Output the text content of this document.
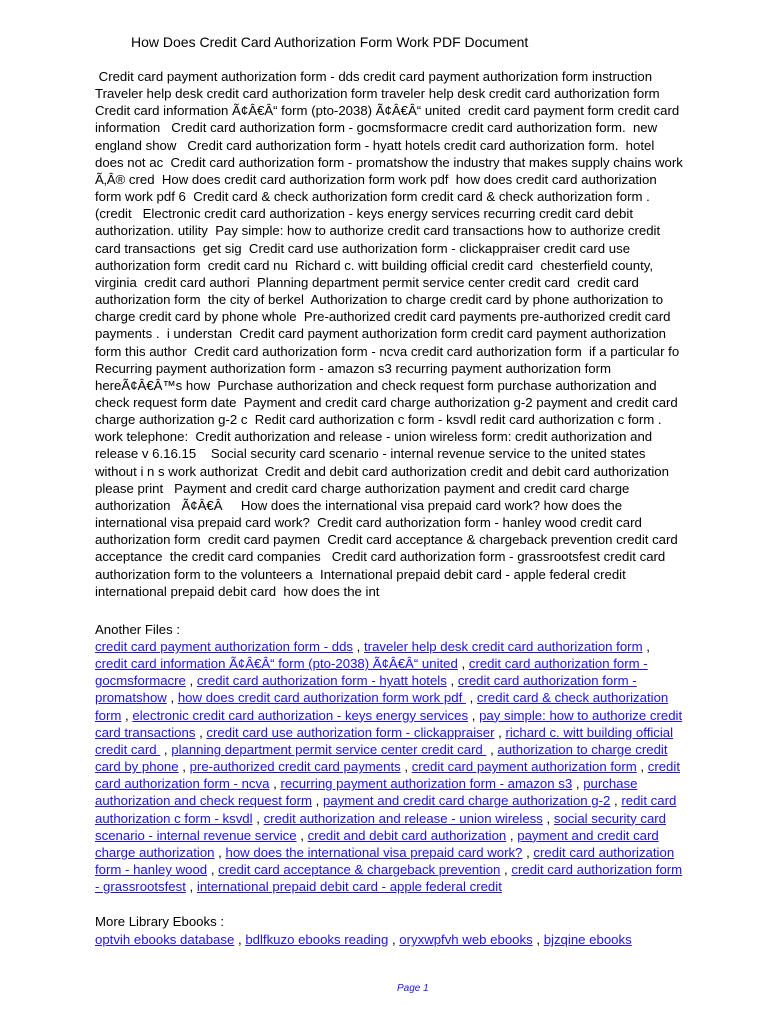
How Does Credit Card Authorization Form Work PDF Document
Credit card payment authorization form - dds credit card payment authorization form instruction
Traveler help desk credit card authorization form traveler help desk credit card authorization form
Credit card information Ã¢Â€Â“ form (pto-2038) Ã¢Â€Â“ united  credit card payment form credit card
information   Credit card authorization form - gocmsformacre credit card authorization form.  new
england show   Credit card authorization form - hyatt hotels credit card authorization form.  hotel
does not ac  Credit card authorization form - promatshow the industry that makes supply chains work
Ã‚Â® cred  How does credit card authorization form work pdf  how does credit card authorization
form work pdf 6  Credit card & check authorization form credit card & check authorization form .
(credit   Electronic credit card authorization - keys energy services recurring credit card debit
authorization. utility  Pay simple: how to authorize credit card transactions how to authorize credit
card transactions  get sig  Credit card use authorization form - clickappraiser credit card use
authorization form  credit card nu  Richard c. witt building official credit card  chesterfield county,
virginia  credit card authori  Planning department permit service center credit card  credit card
authorization form  the city of berkel  Authorization to charge credit card by phone authorization to
charge credit card by phone whole  Pre-authorized credit card payments pre-authorized credit card
payments .  i understan  Credit card payment authorization form credit card payment authorization
form this author  Credit card authorization form - ncva credit card authorization form  if a particular fo
Recurring payment authorization form - amazon s3 recurring payment authorization form
hereÃ¢Â€Â™s how  Purchase authorization and check request form purchase authorization and
check request form date  Payment and credit card charge authorization g-2 payment and credit card
charge authorization g-2 c  Redit card authorization c form - ksvdl redit card authorization c form .
work telephone:  Credit authorization and release - union wireless form: credit authorization and
release v 6.16.15    Social security card scenario - internal revenue service to the united states
without i n s work authorizat  Credit and debit card authorization credit and debit card authorization
please print   Payment and credit card charge authorization payment and credit card charge
authorization   Ã¢Â€Â     How does the international visa prepaid card work? how does the
international visa prepaid card work?  Credit card authorization form - hanley wood credit card
authorization form  credit card paymen  Credit card acceptance & chargeback prevention credit card
acceptance  the credit card companies   Credit card authorization form - grassrootsfest credit card
authorization form to the volunteers a  International prepaid debit card - apple federal credit
international prepaid debit card  how does the int
Another Files :
credit card payment authorization form - dds , traveler help desk credit card authorization form ,
credit card information Ã¢Â€Â“ form (pto-2038) Ã¢Â€Â“ united , credit card authorization form -
gocmsformacre , credit card authorization form - hyatt hotels , credit card authorization form -
promatshow , how does credit card authorization form work pdf  , credit card & check authorization
form , electronic credit card authorization - keys energy services , pay simple: how to authorize credit
card transactions , credit card use authorization form - clickappraiser , richard c. witt building official
credit card  , planning department permit service center credit card  , authorization to charge credit
card by phone , pre-authorized credit card payments , credit card payment authorization form , credit
card authorization form - ncva , recurring payment authorization form - amazon s3 , purchase
authorization and check request form , payment and credit card charge authorization g-2 , redit card
authorization c form - ksvdl , credit authorization and release - union wireless , social security card
scenario - internal revenue service , credit and debit card authorization , payment and credit card
charge authorization , how does the international visa prepaid card work? , credit card authorization
form - hanley wood , credit card acceptance & chargeback prevention , credit card authorization form
- grassrootsfest , international prepaid debit card - apple federal credit
More Library Ebooks :
optvih ebooks database , bdlfkuzo ebooks reading , oryxwpfvh web ebooks , bjzqine ebooks
Page 1
